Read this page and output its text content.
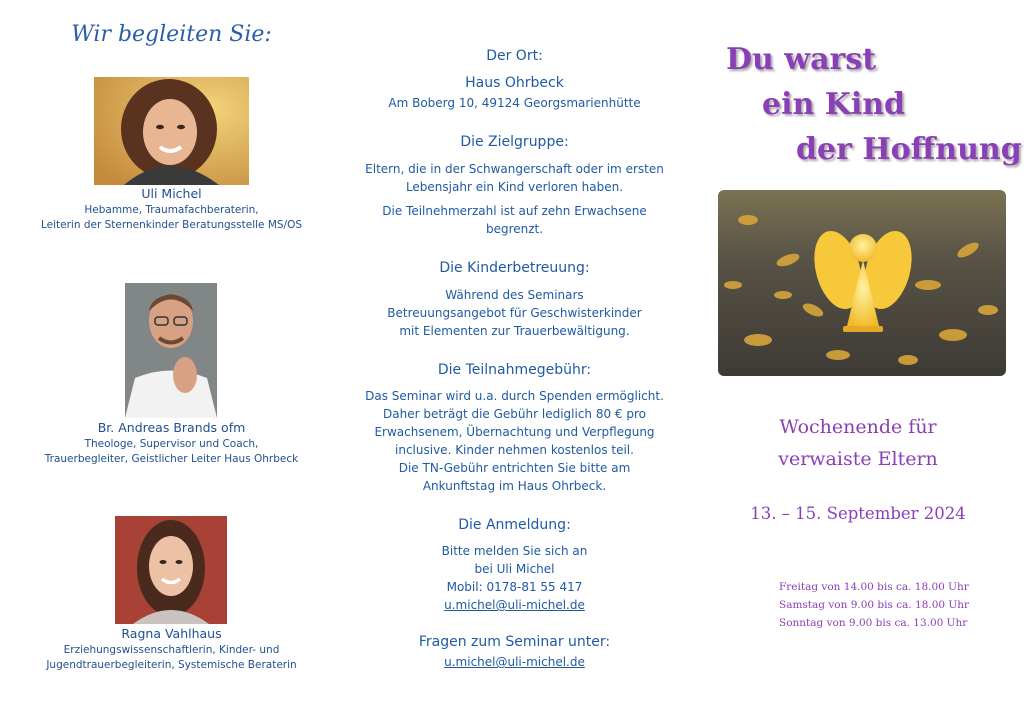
Wir begleiten Sie:
Uli Michel
Hebamme, Traumafachberaterin,
Leiterin der Sternenkinder Beratungsstelle MS/OS
Br. Andreas Brands ofm
Theologe, Supervisor und Coach,
Trauerbegleiter, Geistlicher Leiter Haus Ohrbeck
Ragna Vahlhaus
Erziehungswissenschaftlerin, Kinder- und
Jugendtrauerbegleiterin, Systemische Beraterin
Der Ort:
Haus Ohrbeck
Am Boberg 10, 49124 Georgsmarienhütte
Die Zielgruppe:
Eltern, die in der Schwangerschaft oder im ersten
Lebensjahr ein Kind verloren haben.
Die Teilnehmerzahl ist auf zehn Erwachsene
begrenzt.
Die Kinderbetreuung:
Während des Seminars
Betreuungsangebot für Geschwisterkinder
mit Elementen zur Trauerbewältigung.
Die Teilnahmegebühr:
Das Seminar wird u.a. durch Spenden ermöglicht.
Daher beträgt die Gebühr lediglich 80 € pro
Erwachsenem, Übernachtung und Verpflegung
inclusive. Kinder nehmen kostenlos teil.
Die TN-Gebühr entrichten Sie bitte am
Ankunftstag im Haus Ohrbeck.
Die Anmeldung:
Bitte melden Sie sich an
bei Uli Michel
Mobil: 0178-81 55 417
u.michel@uli-michel.de
Fragen zum Seminar unter:
u.michel@uli-michel.de
Du warst
ein Kind
der Hoffnung
Wochenende für
verwaiste Eltern
13. – 15. September 2024
Freitag von 14.00 bis ca. 18.00 Uhr
Samstag von 9.00 bis ca. 18.00 Uhr
Sonntag von 9.00 bis ca. 13.00 Uhr
